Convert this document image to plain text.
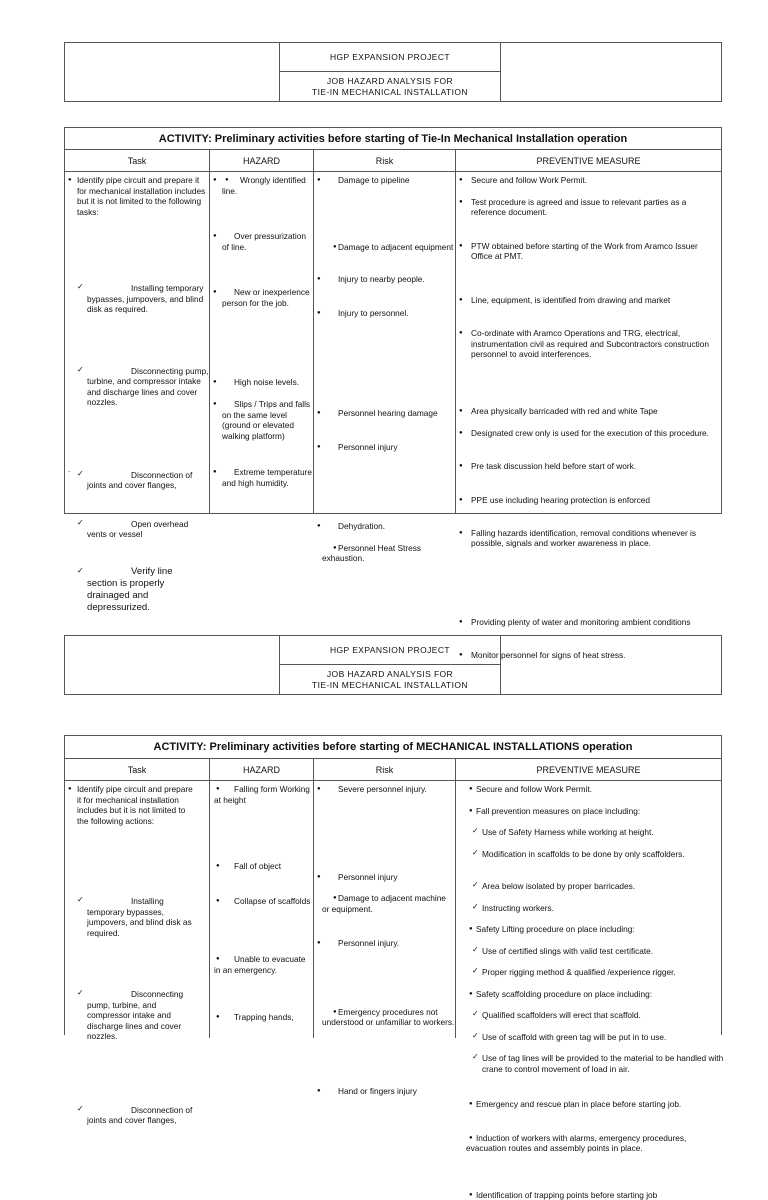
HGP EXPANSION PROJECT
JOB HAZARD ANALYSIS FOR
TIE-IN MECHANICAL INSTALLATION
ACTIVITY: Preliminary activities before starting of Tie-In Mechanical Installation operation
Task
● Identify pipe circuit and prepare it for mechanical installation includes but it is not limited to the following tasks:
✓ Installing temporary bypasses, jumpovers, and blind disk as required.
✓ Disconnecting pump, turbine, and compressor intake and discharge lines and cover nozzles.
✓ Disconnection of joints and cover flanges,
✓ Open overhead vents or vessel
✓ Verify line section is properly drainaged and depressurized.
.
HAZARD
● Wrongly identified line.
Over pressurization of line.
New or inexperience person for the job.
High noise levels.
Slips / Trips and falls on the same level (ground or elevated walking platform)
Extreme temperature and high humidity.
●
●
●
●
●
●
Risk
● Damage to pipeline
● Damage to adjacent equipment
● Injury to nearby people.
● Injury to personnel.
● Personnel hearing damage
● Personnel injury
● Dehydration.
● Personnel Heat Stress exhaustion.
PREVENTIVE MEASURE
● Secure and follow Work Permit.
● Test procedure is agreed and issue to relevant parties as a reference document.
● PTW obtained before starting of the Work from Aramco Issuer Office at PMT.
● Line, equipment, is identified from drawing and market
● Co-ordinate with Aramco Operations and TRG, electrical, instrumentation civil as required and Subcontractors construction personnel to avoid interferences.
● Area physically barricaded with red and white Tape
● Designated crew only is used for the execution of this procedure.
● Pre task discussion held before start of work.
● PPE use including hearing protection is enforced
● Falling hazards identification, removal conditions whenever is possible, signals and worker awareness in place.
● Providing plenty of water and monitoring ambient conditions
● Monitor personnel for signs of heat stress.
HGP EXPANSION PROJECT
JOB HAZARD ANALYSIS FOR
TIE-IN MECHANICAL INSTALLATION
ACTIVITY: Preliminary activities before starting of MECHANICAL INSTALLATIONS operation
Task
● Identify pipe circuit and prepare it for mechanical installation includes but it is not limited to the following actions:
✓ Installing temporary bypasses, jumpovers, and blind disk as required.
✓ Disconnecting pump, turbine, and compressor intake and discharge lines and cover nozzles.
✓ Disconnection of joints and cover flanges,
HAZARD
Falling form Working at height
Fall of object
Collapse of scaffolds
Unable to evacuate in an emergency.
Trapping hands,
●
●
●
●
●
Risk
● Severe personnel injury.
● Personnel injury
● Damage to adjacent machine or equipment.
● Personnel injury.
● Emergency procedures not understood or unfamiliar to workers.
● Hand or fingers injury
PREVENTIVE MEASURE
● Secure and follow Work Permit.
● Fall prevention measures on place including:
✓ Use of Safety Harness while working at height.
✓ Modification in scaffolds to be done by only scaffolders.
✓ Area below isolated by proper barricades.
✓ Instructing workers.
● Safety Lifting procedure on place including:
✓ Use of certified slings with valid test certificate.
✓ Proper rigging method & qualified /experience rigger.
● Safety scaffolding procedure on place including:
✓ Qualified scaffolders will erect that scaffold.
✓ Use of scaffold with green tag will be put in to use.
✓ Use of tag lines will be provided to the material to be handled with crane to control movement of load in air.
● Emergency and rescue plan in place before starting job.
● Induction of workers with alarms, emergency procedures, evacuation routes and assembly points in place.
● Identification of trapping points before starting job
